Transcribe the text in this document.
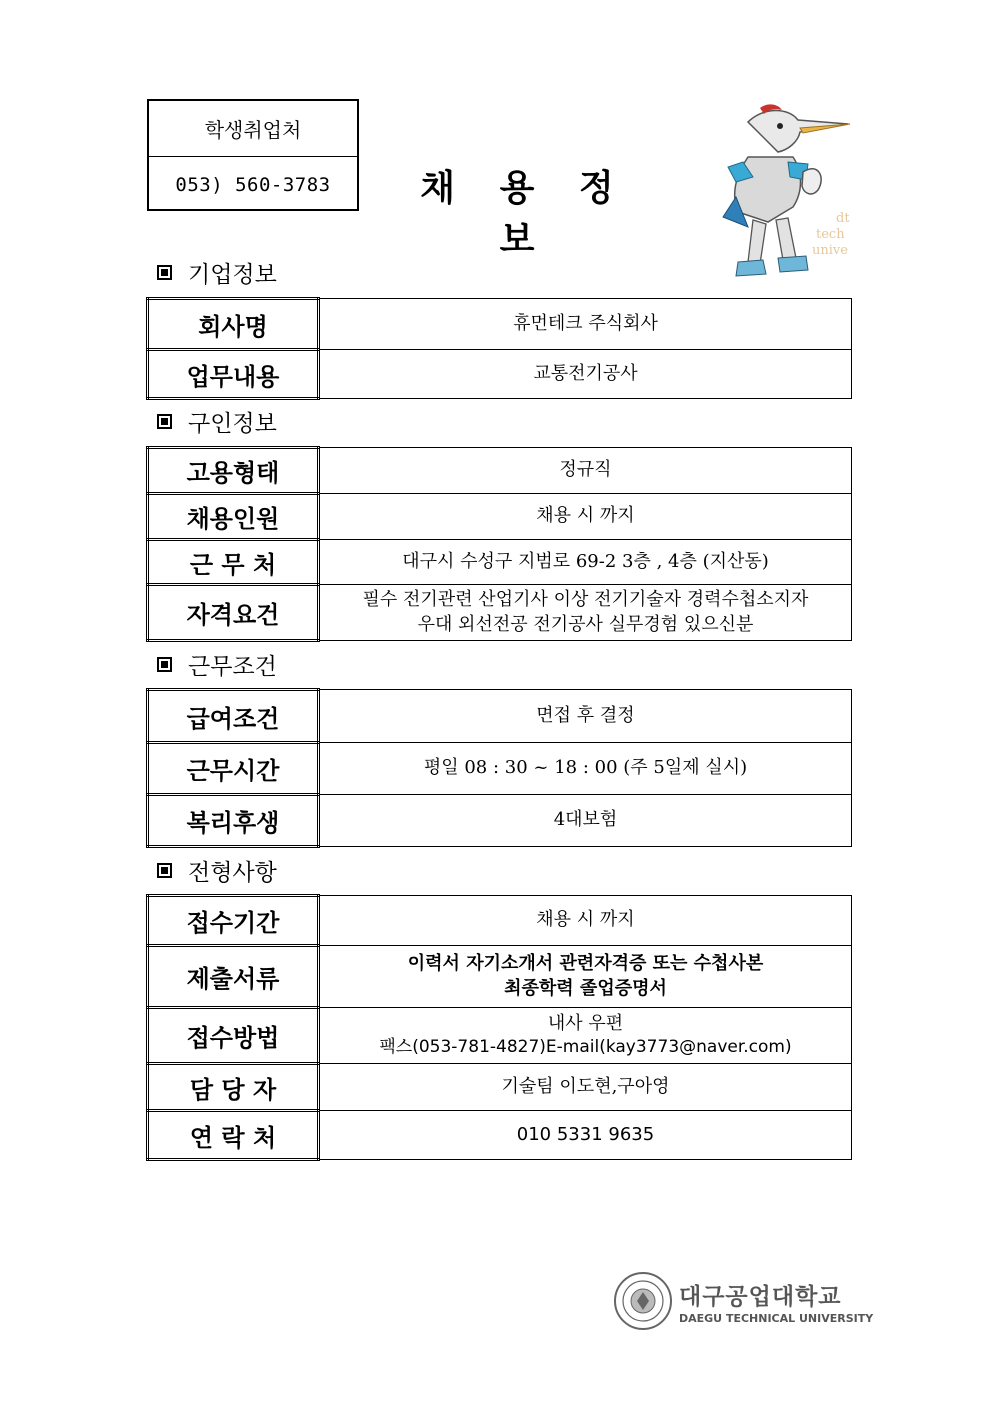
학생취업처
053) 560-3783	채 용 정 보
dt
tech
unive
기업정보
회사명	휴먼테크 주식회사
업무내용	교통전기공사
구인정보
고용형태	정규직
채용인원	채용 시 까지
근 무 처	대구시 수성구 지범로 69-2 3층 , 4층 (지산동)
자격요건	필수 전기관련 산업기사 이상 전기기술자 경력수첩소지자
우대 외선전공 전기공사 실무경험 있으신분
근무조건
급여조건	면접 후 결정
근무시간	평일 08 : 30 ~ 18 : 00 (주 5일제 실시)
복리후생	4대보험
전형사항
접수기간	채용 시 까지
제출서류	이력서 자기소개서 관련자격증 또는 수첩사본
최종학력 졸업증명서

접수방법	내사 우편
팩스(053-781-4827)E-mail(kay3773@naver.com)

담 당 자	기술팀 이도현,구아영
연 락 처	010 5331 9635
대구공업대학교
DAEGU TECHNICAL UNIVERSITY
